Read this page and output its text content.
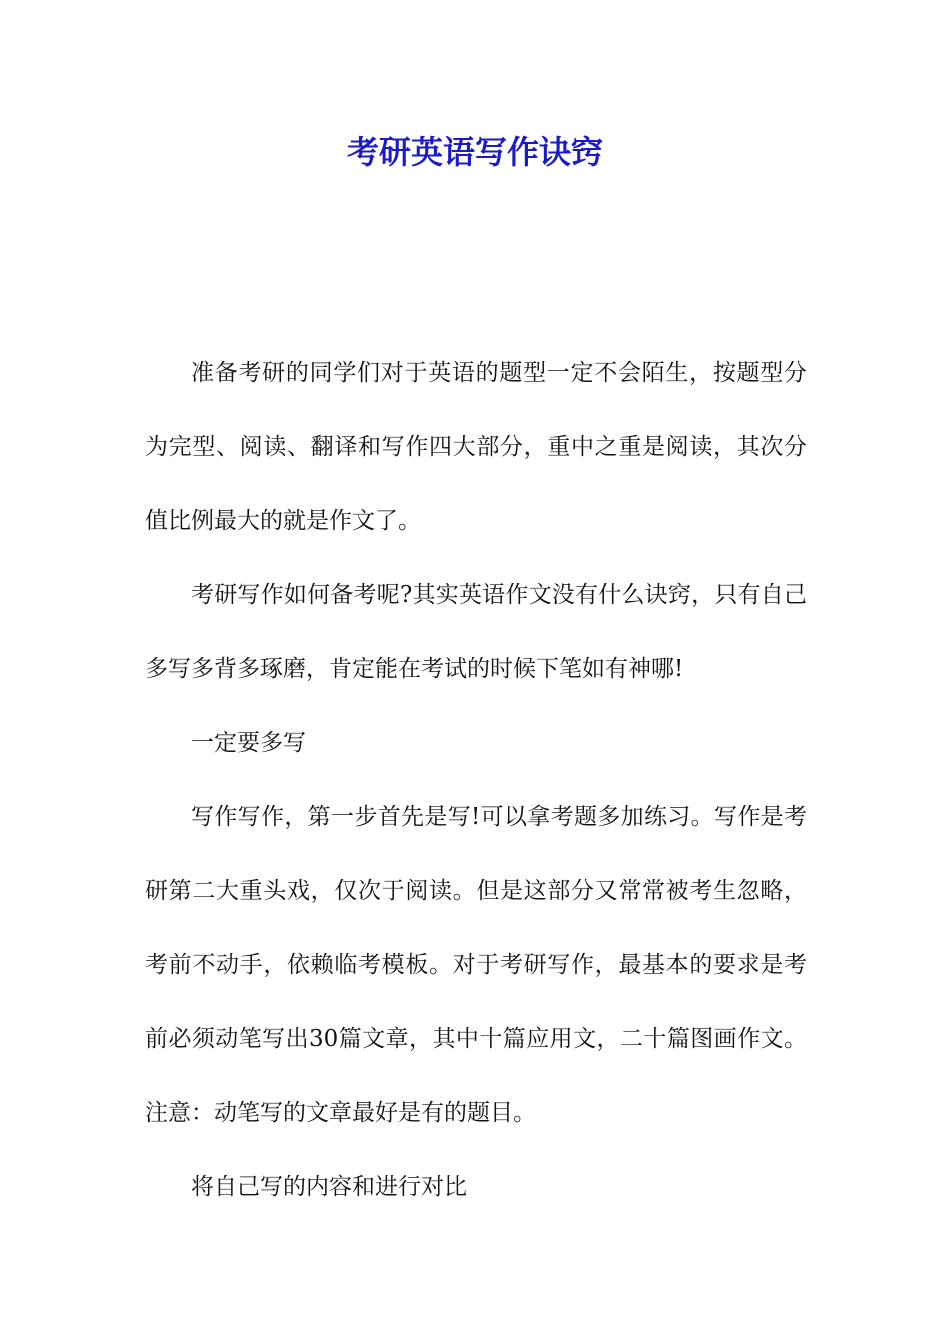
考研英语写作诀窍

准备考研的同学们对于英语的题型一定不会陌生，按题型分为完型、阅读、翻译和写作四大部分，重中之重是阅读，其次分值比例最大的就是作文了。

考研写作如何备考呢?其实英语作文没有什么诀窍，只有自己多写多背多琢磨，肯定能在考试的时候下笔如有神哪!

一定要多写

写作写作，第一步首先是写!可以拿考题多加练习。写作是考研第二大重头戏，仅次于阅读。但是这部分又常常被考生忽略，考前不动手，依赖临考模板。对于考研写作，最基本的要求是考前必须动笔写出30篇文章，其中十篇应用文，二十篇图画作文。注意：动笔写的文章最好是有的题目。

将自己写的内容和进行对比
